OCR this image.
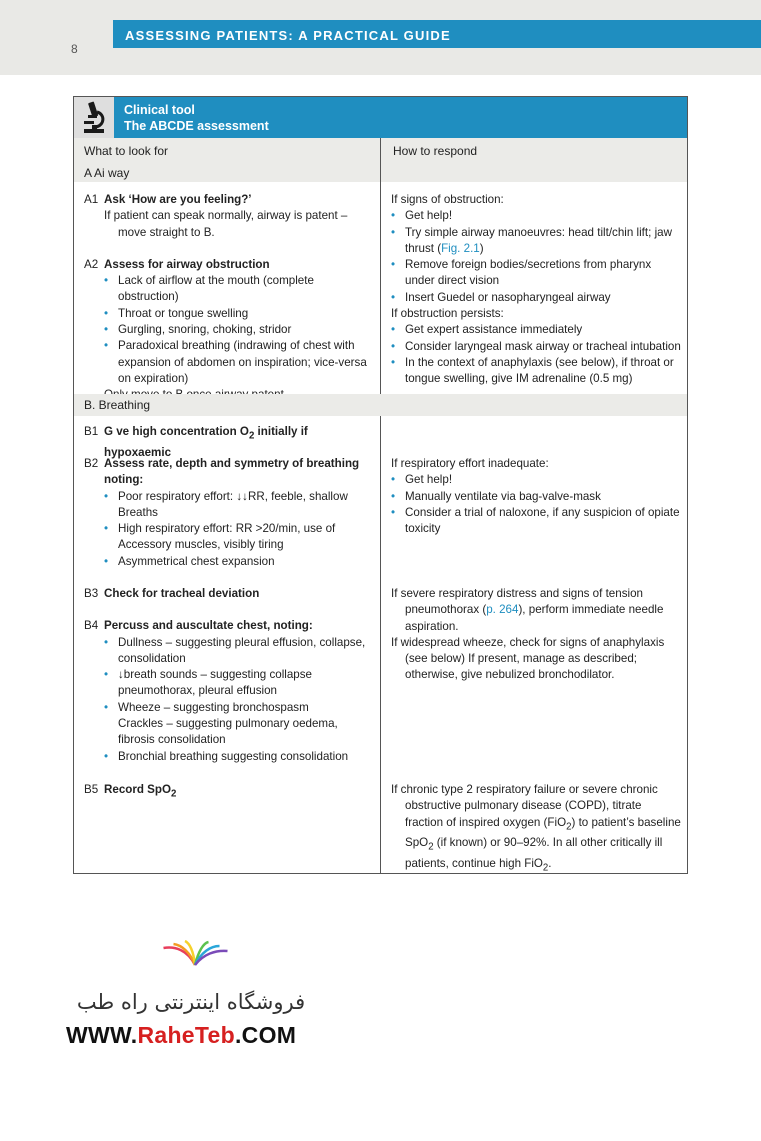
ASSESSING PATIENTS: A PRACTICAL GUIDE
8
Clinical tool
The ABCDE assessment
What to look for	How to respond
A Ai way
A1 Ask ‘How are you feeling?’
If patient can speak normally, airway is patent – move straight to B.
A2 Assess for airway obstruction
• Lack of airflow at the mouth (complete obstruction)
• Throat or tongue swelling
• Gurgling, snoring, choking, stridor
• Paradoxical breathing (indrawing of chest with expansion of abdomen on inspiration; vice-versa on expiration)
If signs of obstruction:
• Get help!
• Try simple airway manoeuvres: head tilt/chin lift; jaw thrust (Fig. 2.1)
• Remove foreign bodies/secretions from pharynx under direct vision
• Insert Guedel or nasopharyngeal airway
If obstruction persists:
• Get expert assistance immediately
• Consider laryngeal mask airway or tracheal intubation
• In the context of anaphylaxis (see below), if throat or tongue swelling, give IM adrenaline (0.5 mg)
B. Breathing
B1 G ve high concentration $O_2$ initially if hypoxaemic
B2 Assess rate, depth and symmetry of breathing noting:
• Poor respiratory effort: ↓↓RR, feeble, shallow Breaths
• High respiratory effort: RR >20/min, use of Accessory muscles, visibly tiring
• Asymmetrical chest expansion
If respiratory effort inadequate:
• Get help!
• Manually ventilate via bag-valve-mask
• Consider a trial of naloxone, if any suspicion of opiate toxicity
B3 Check for tracheal deviation
B4 Percuss and auscultate chest, noting:
• Dullness – suggesting pleural effusion, collapse, consolidation
• ↓breath sounds – suggesting collapse pneumothorax, pleural effusion
• Wheeze – suggesting bronchospasm
Crackles – suggesting pulmonary oedema, fibrosis consolidation
• Bronchial breathing suggesting consolidation
If severe respiratory distress and signs of tension pneumothorax (p. 264), perform immediate needle aspiration.
If widespread wheeze, check for signs of anaphylaxis (see below) If present, manage as described; otherwise, give nebulized bronchodilator.
B5 Record SpO$_2$	If chronic type 2 respiratory failure or severe chronic obstructive pulmonary disease (COPD), titrate fraction of inspired oxygen (FiO$_2$) to patient’s baseline SpO$_2$ (if known) or 90–92%. In all other critically ill patients, continue high FiO$_2$.
فروشگاه اینترنتی راه طب
WWW.RaheTeb.COM
